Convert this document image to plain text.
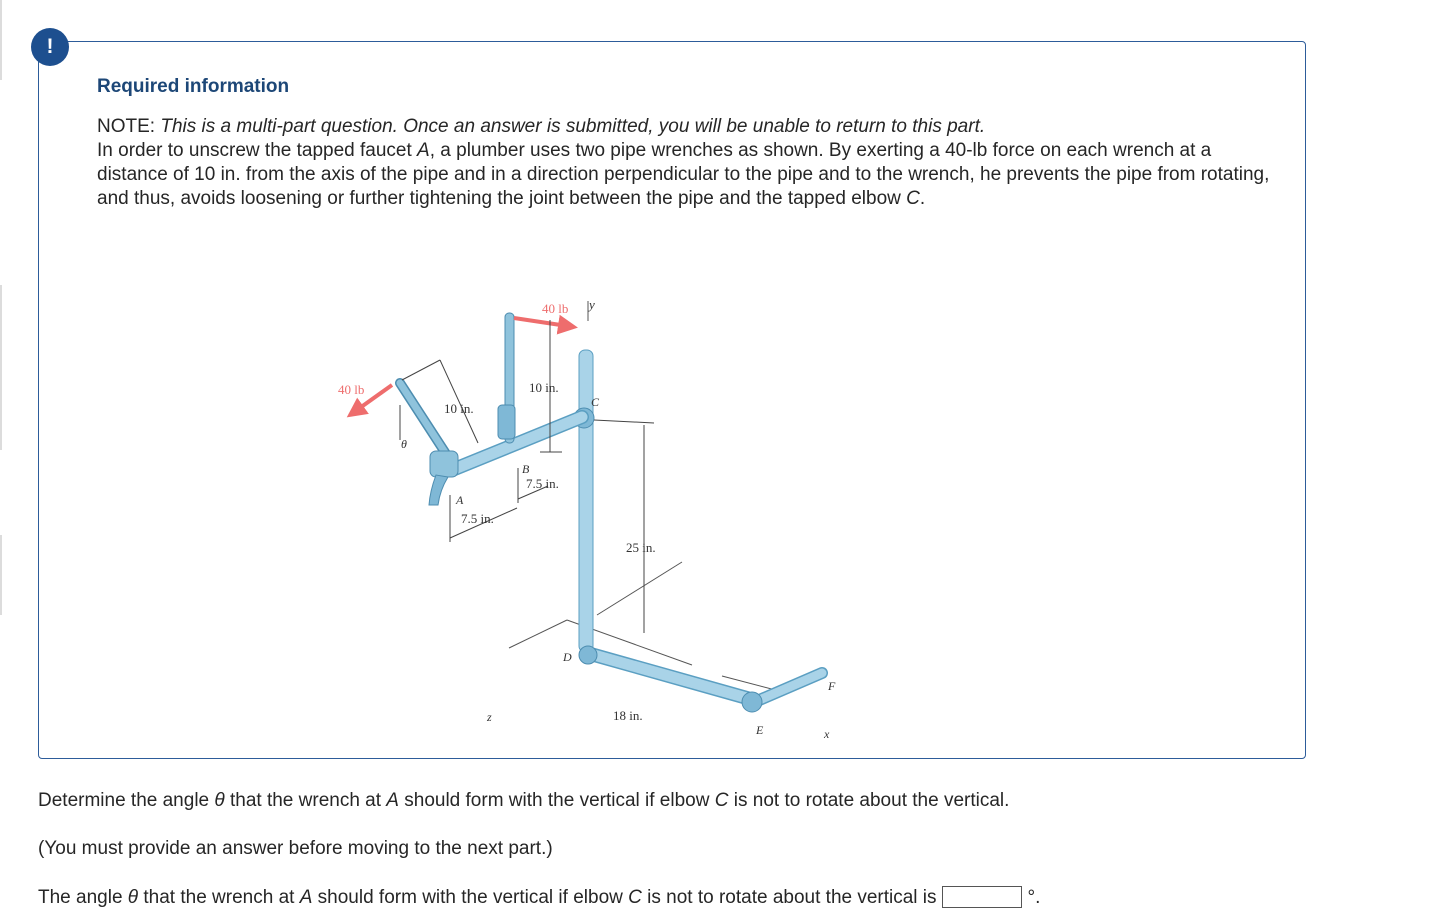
!
Required information
NOTE: This is a multi-part question. Once an answer is submitted, you will be unable to return to this part.
In order to unscrew the tapped faucet A, a plumber uses two pipe wrenches as shown. By exerting a 40-lb force on each wrench at a distance of 10 in. from the axis of the pipe and in a direction perpendicular to the pipe and to the wrench, he prevents the pipe from rotating, and thus, avoids loosening or further tightening the joint between the pipe and the tapped elbow C.
40 lb
40 lb y
z
x
10 in.
10 in.
7.5 in.
7.5 in.
25 in.
18 in.
θ
A
B
C
D
E
F
Determine the angle θ that the wrench at A should form with the vertical if elbow C is not to rotate about the vertical.
(You must provide an answer before moving to the next part.)
The angle θ that the wrench at A should form with the vertical if elbow C is not to rotate about the vertical is	°.
